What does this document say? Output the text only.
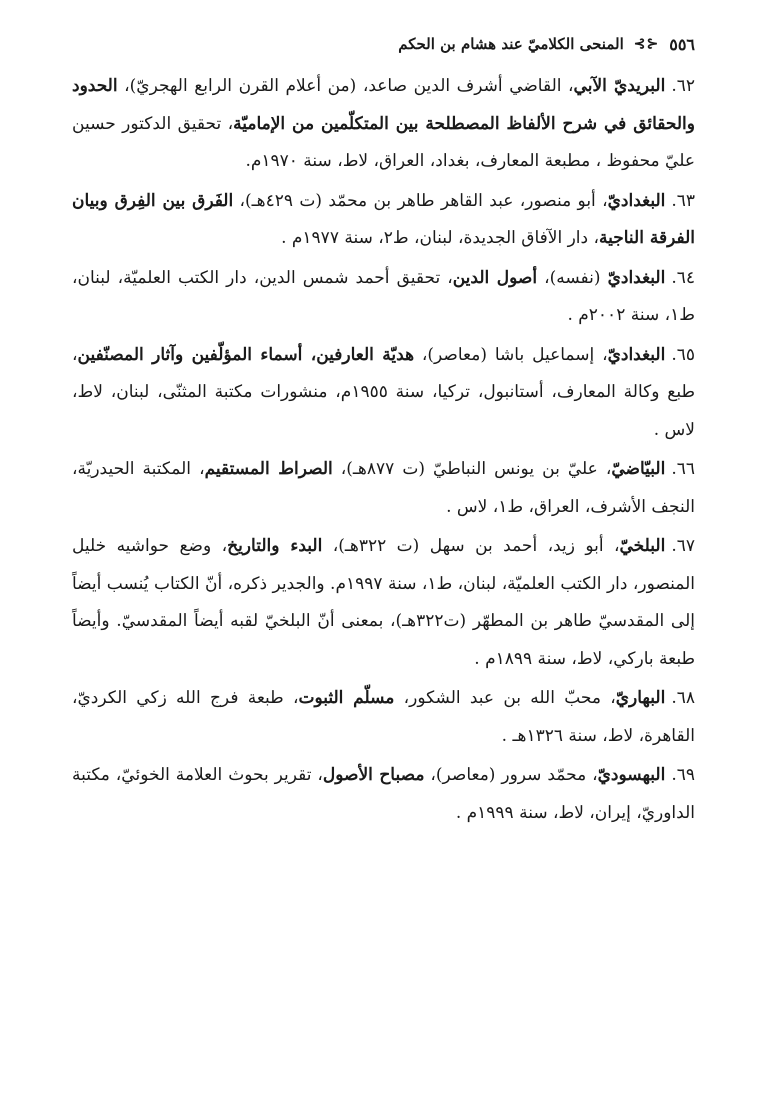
٥٥٦
⊰⊱
المنحى الكلاميّ عند هشام بن الحكم
٦٢.البريديّ الآبي، القاضي أشرف الدين صاعد، (من أعلام القرن الرابع الهجريّ)، الحدود والحقائق في شرح الألفاظ المصطلحة بين المتكلّمين من الإماميّة، تحقيق الدكتور حسين عليّ محفوظ ، مطبعة المعارف، بغداد، العراق، لاط، سنة ١٩٧٠م.
٦٣.البغداديّ، أبو منصور، عبد القاهر طاهر بن محمّد (ت ٤٢٩هـ)، الفَرق بين الفِرق وبيان الفرقة الناجية، دار الآفاق الجديدة، لبنان، ط٢، سنة ١٩٧٧م .
٦٤.البغداديّ (نفسه)، أصول الدين، تحقيق أحمد شمس الدين، دار الكتب العلميّة، لبنان، ط١، سنة ٢٠٠٢م .
٦٥.البغداديّ، إسماعيل باشا (معاصر)، هديّة العارفين، أسماء المؤلّفين وآثار المصنّفين، طبع وكالة المعارف، أستانبول، تركيا، سنة ١٩٥٥م، منشورات مكتبة المثنّى، لبنان، لاط، لاس .
٦٦.البيّاضيّ، عليّ بن يونس النباطيّ (ت ٨٧٧هـ)، الصراط المستقيم، المكتبة الحيدريّة، النجف الأشرف، العراق، ط١، لاس .
٦٧.البلخيّ، أبو زيد، أحمد بن سهل (ت ٣٢٢هـ)، البدء والتاريخ، وضع حواشيه خليل المنصور، دار الكتب العلميّة، لبنان، ط١، سنة ١٩٩٧م. والجدير ذكره، أنّ الكتاب يُنسب أيضاً إلى المقدسيّ طاهر بن المطهّر (ت٣٢٢هـ)، بمعنى أنّ البلخيّ لقبه أيضاً المقدسيّ. وأيضاً طبعة باركي، لاط، سنة ١٨٩٩م .
٦٨.البهاريّ، محبّ الله بن عبد الشكور، مسلّم الثبوت، طبعة فرج الله زكي الكرديّ، القاهرة، لاط، سنة ١٣٢٦هـ .
٦٩.البهسوديّ، محمّد سرور (معاصر)، مصباح الأصول، تقرير بحوث العلامة الخوئيّ، مكتبة الداوريّ، إيران، لاط، سنة ١٩٩٩م .
